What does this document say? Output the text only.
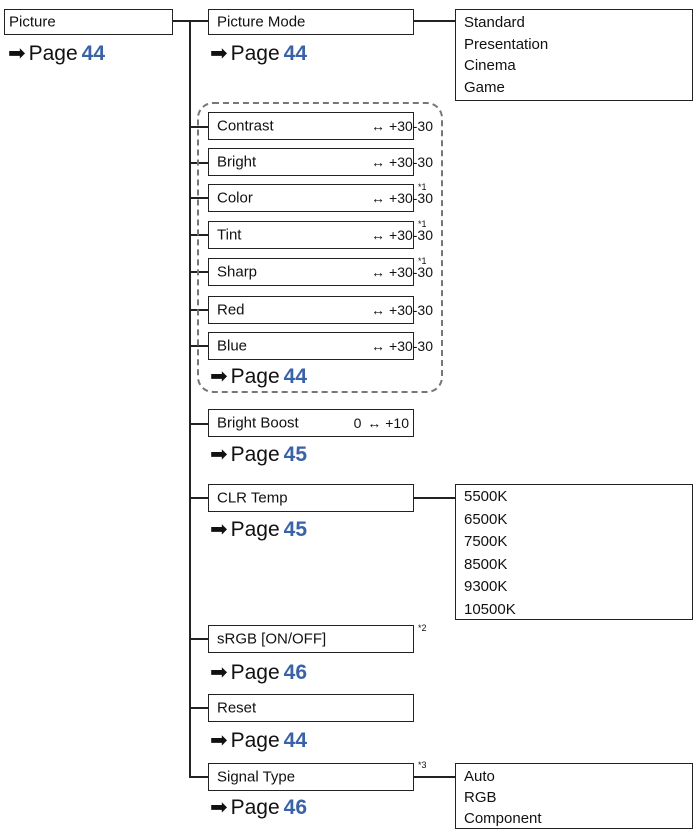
Picture
➡ Page 44
Picture Mode
➡ Page 44
Standard
Presentation
Cinema
Game
Contrast	↔ +30-30
Bright	↔ +30-30
Color	↔ +30-30
*1
Tint	↔ +30-30
*1
Sharp	↔ +30-30
*1
Red	↔ +30-30
Blue	↔ +30-30
➡ Page 44
Bright Boost	0 ↔ +10
➡ Page 45
CLR Temp
➡ Page 45
5500K
6500K
7500K
8500K
9300K
10500K
sRGB [ON/OFF]
*2
➡ Page 46
Reset
➡ Page 44
Signal Type
*3
➡ Page 46
Auto
RGB
Component
